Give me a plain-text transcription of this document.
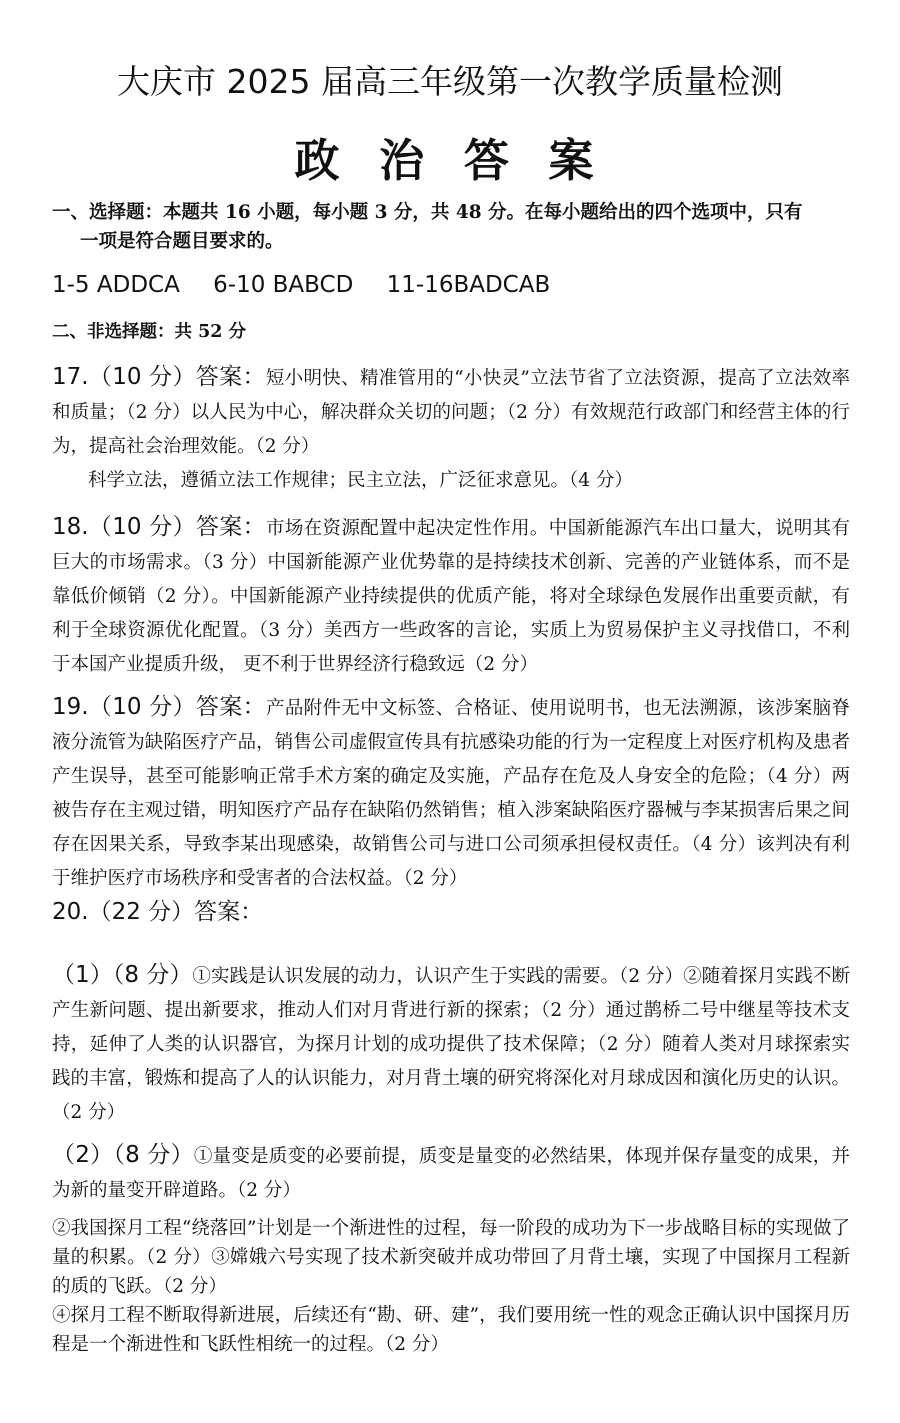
大庆市 2025 届高三年级第一次教学质量检测
政 治 答 案
一、选择题：本题共 16 小题，每小题 3 分，共 48 分。在每小题给出的四个选项中，只有
一项是符合题目要求的。
1-5 ADDCA 6-10 BABCD 11-16BADCAB
二、非选择题：共 52 分
17.（10 分）答案：短小明快、精准管用的“小快灵”立法节省了立法资源，提高了立法效率和质量；（2 分）以人民为中心，解决群众关切的问题；（2 分）有效规范行政部门和经营主体的行为，提高社会治理效能。（2 分）
科学立法，遵循立法工作规律；民主立法，广泛征求意见。（4 分）
18.（10 分）答案：市场在资源配置中起决定性作用。中国新能源汽车出口量大，说明其有巨大的市场需求。（3 分）中国新能源产业优势靠的是持续技术创新、完善的产业链体系，而不是靠低价倾销（2 分）。中国新能源产业持续提供的优质产能，将对全球绿色发展作出重要贡献，有利于全球资源优化配置。（3 分）美西方一些政客的言论，实质上为贸易保护主义寻找借口，不利于本国产业提质升级， 更不利于世界经济行稳致远（2 分）
19.（10 分）答案：产品附件无中文标签、合格证、使用说明书，也无法溯源，该涉案脑脊液分流管为缺陷医疗产品，销售公司虚假宣传具有抗感染功能的行为一定程度上对医疗机构及患者产生误导，甚至可能影响正常手术方案的确定及实施，产品存在危及人身安全的危险；（4 分）两被告存在主观过错，明知医疗产品存在缺陷仍然销售；植入涉案缺陷医疗器械与李某损害后果之间存在因果关系，导致李某出现感染，故销售公司与进口公司须承担侵权责任。（4 分）该判决有利于维护医疗市场秩序和受害者的合法权益。（2 分）
20.（22 分）答案：
（1）（8 分）①实践是认识发展的动力，认识产生于实践的需要。（2 分）②随着探月实践不断产生新问题、提出新要求，推动人们对月背进行新的探索；（2 分）通过鹊桥二号中继星等技术支持，延伸了人类的认识器官，为探月计划的成功提供了技术保障；（2 分）随着人类对月球探索实践的丰富，锻炼和提高了人的认识能力，对月背土壤的研究将深化对月球成因和演化历史的认识。（2 分）
（2）（8 分）①量变是质变的必要前提，质变是量变的必然结果，体现并保存量变的成果，并为新的量变开辟道路。（2 分）
②我国探月工程“绕落回”计划是一个渐进性的过程，每一阶段的成功为下一步战略目标的实现做了量的积累。（2 分）③嫦娥六号实现了技术新突破并成功带回了月背土壤，实现了中国探月工程新的质的飞跃。（2 分）
④探月工程不断取得新进展，后续还有“勘、研、建”，我们要用统一性的观念正确认识中国探月历程是一个渐进性和飞跃性相统一的过程。（2 分）
